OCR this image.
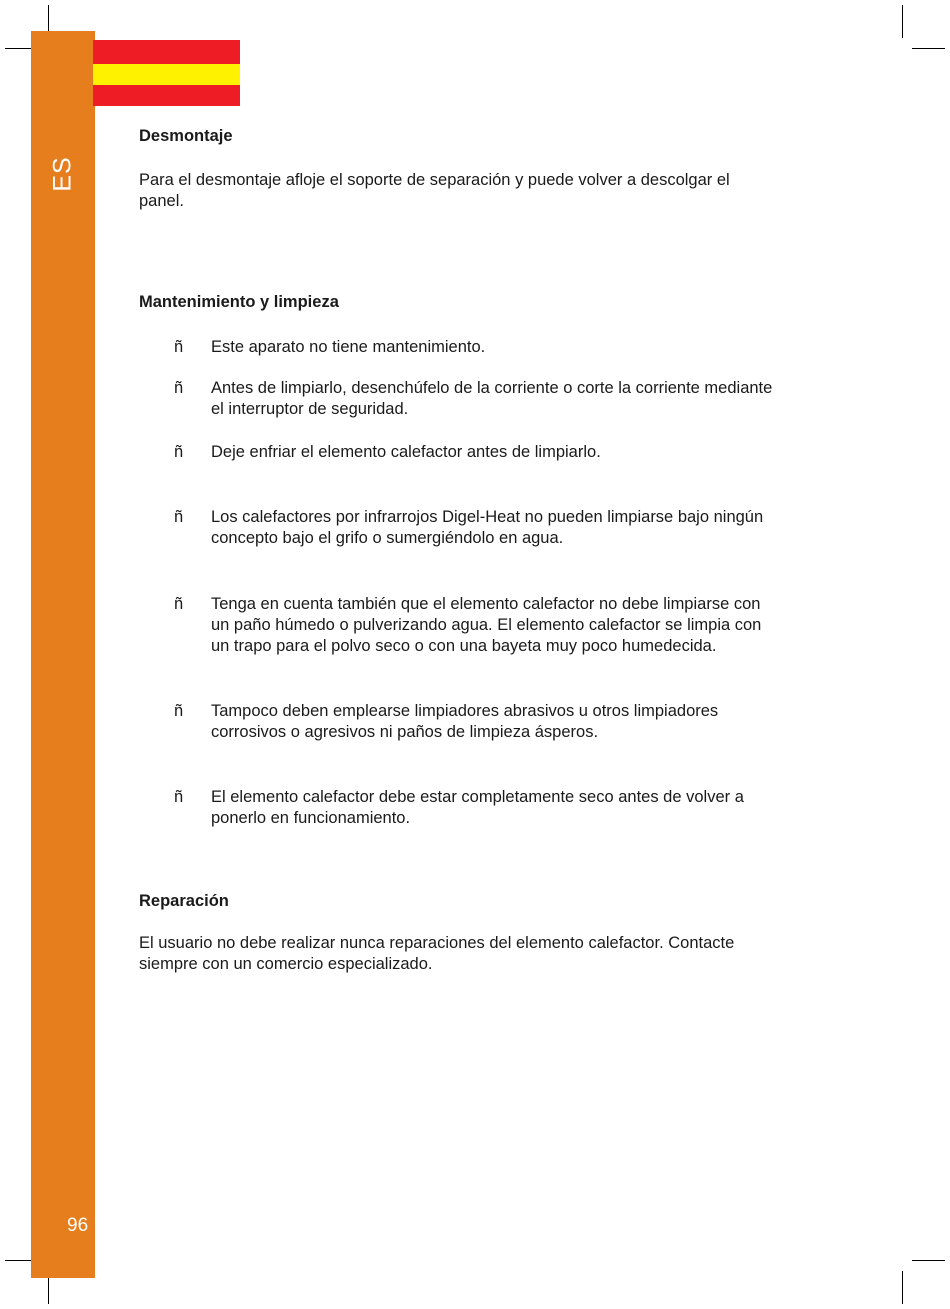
ES
96
Desmontaje

Para el desmontaje afloje el soporte de separación y puede volver a descolgar el
panel.

Mantenimiento y limpieza
ñ Este aparato no tiene mantenimiento.
ñ Antes de limpiarlo, desenchúfelo de la corriente o corte la corriente mediante
el interruptor de seguridad.
ñ Deje enfriar el elemento calefactor antes de limpiarlo.
ñ Los calefactores por infrarrojos Digel-Heat no pueden limpiarse bajo ningún
concepto bajo el grifo o sumergiéndolo en agua.
ñ Tenga en cuenta también que el elemento calefactor no debe limpiarse con
un paño húmedo o pulverizando agua. El elemento calefactor se limpia con
un trapo para el polvo seco o con una bayeta muy poco humedecida.
ñ Tampoco deben emplearse limpiadores abrasivos u otros limpiadores
corrosivos o agresivos ni paños de limpieza ásperos.
ñ El elemento calefactor debe estar completamente seco antes de volver a
ponerlo en funcionamiento.
Reparación

El usuario no debe realizar nunca reparaciones del elemento calefactor. Contacte
siempre con un comercio especializado.
